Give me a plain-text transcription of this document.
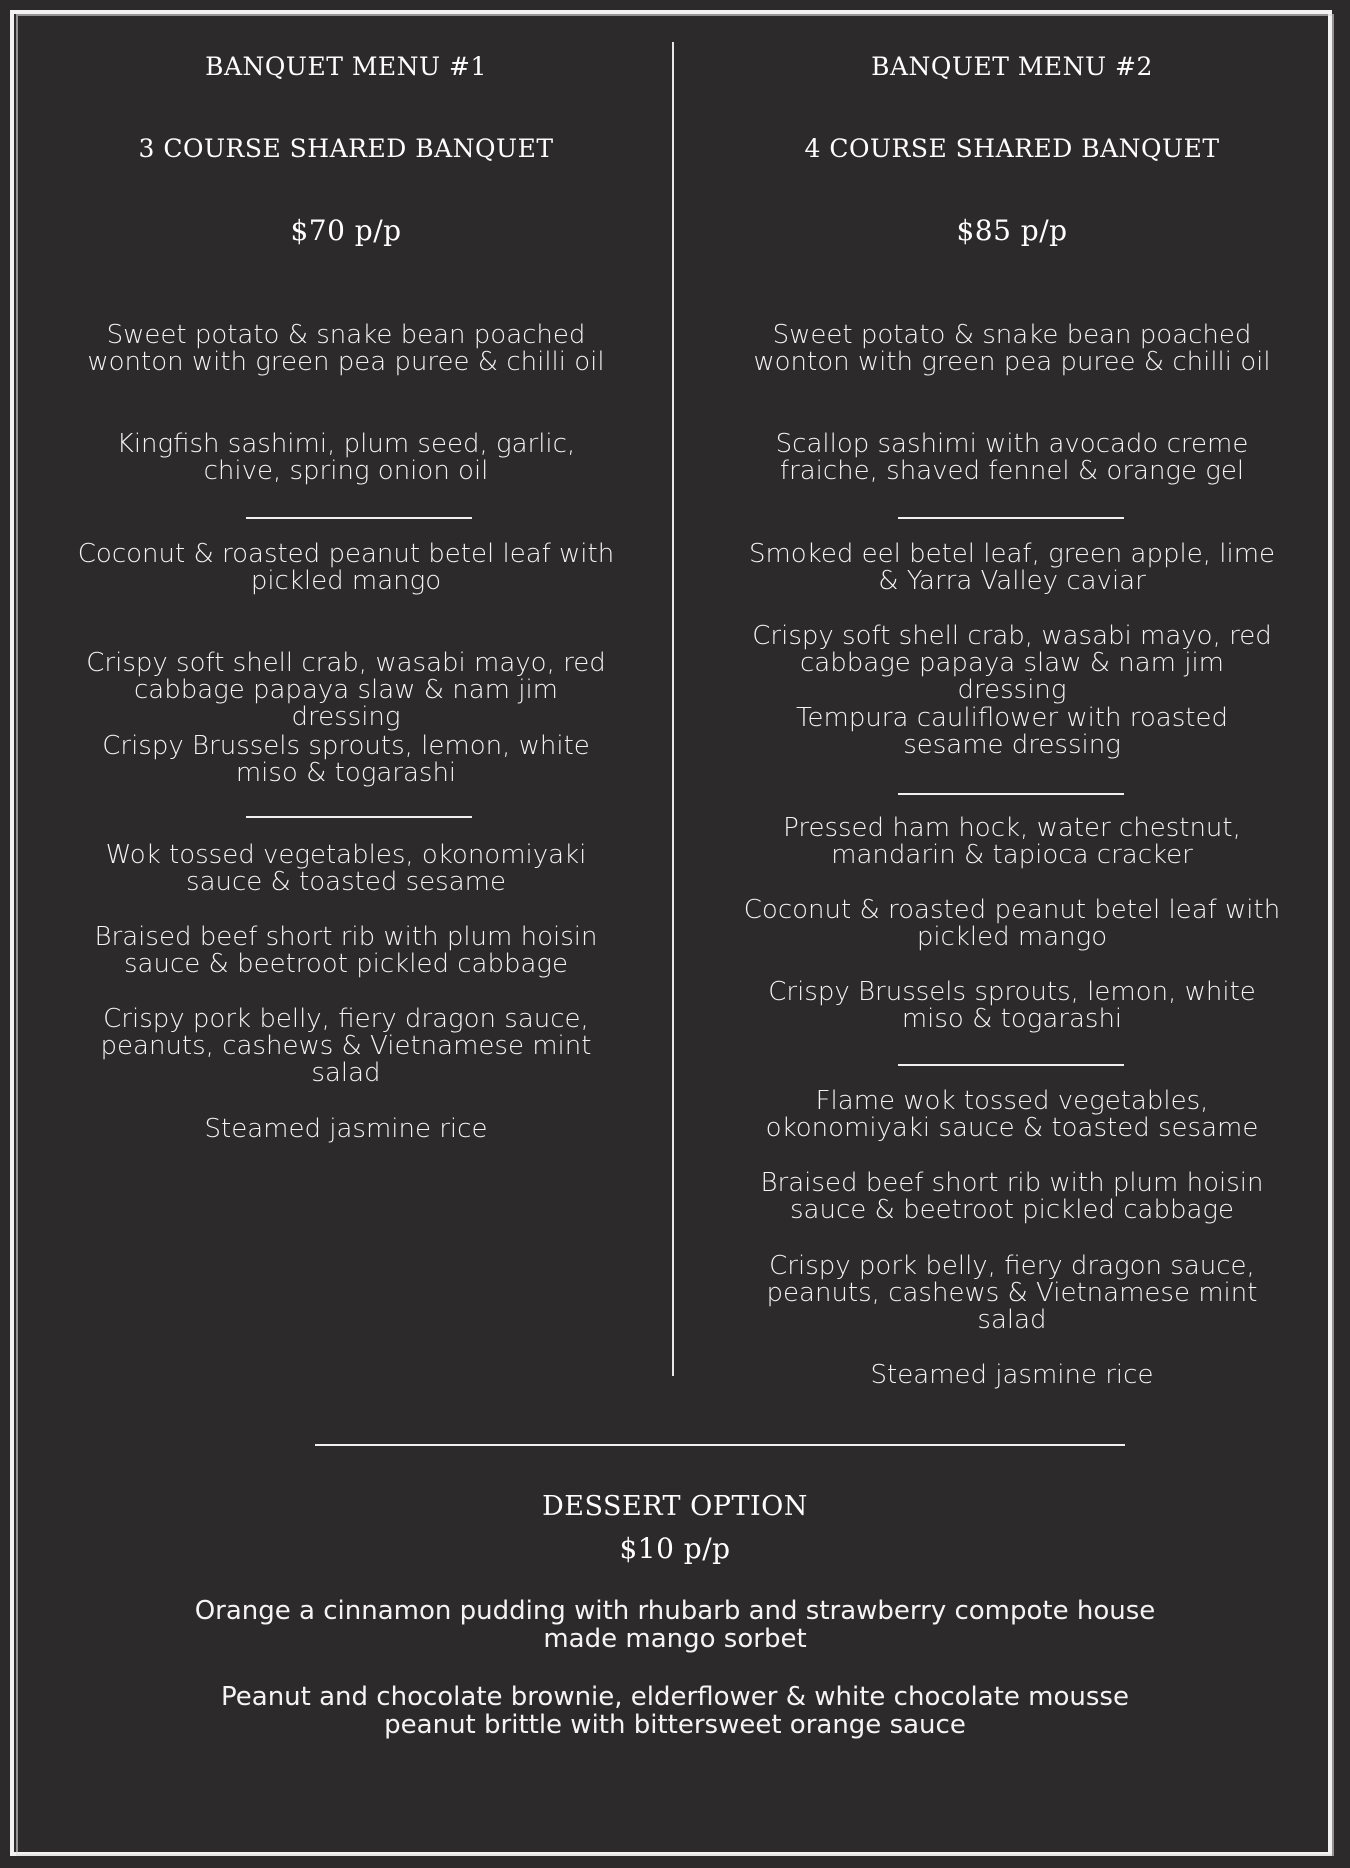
BANQUET MENU #1
3 COURSE SHARED BANQUET
$70 p/p
Sweet potato & snake bean poached wonton with green pea puree & chilli oil
Kingfish sashimi, plum seed, garlic, chive, spring onion oil
Coconut & roasted peanut betel leaf with pickled mango
Crispy soft shell crab, wasabi mayo, red cabbage papaya slaw & nam jim dressing
Crispy Brussels sprouts, lemon, white miso & togarashi
Wok tossed vegetables, okonomiyaki sauce & toasted sesame
Braised beef short rib with plum hoisin sauce & beetroot pickled cabbage
Crispy pork belly, fiery dragon sauce, peanuts, cashews & Vietnamese mint salad
Steamed jasmine rice
BANQUET MENU #2
4 COURSE SHARED BANQUET
$85 p/p
Sweet potato & snake bean poached wonton with green pea puree & chilli oil
Scallop sashimi with avocado creme fraiche, shaved fennel & orange gel
Smoked eel betel leaf, green apple, lime & Yarra Valley caviar
Crispy soft shell crab, wasabi mayo, red cabbage papaya slaw & nam jim dressing
Tempura cauliflower with roasted sesame dressing
Pressed ham hock, water chestnut, mandarin & tapioca cracker
Coconut & roasted peanut betel leaf with pickled mango
Crispy Brussels sprouts, lemon, white miso & togarashi
Flame wok tossed vegetables, okonomiyaki sauce & toasted sesame
Braised beef short rib with plum hoisin sauce & beetroot pickled cabbage
Crispy pork belly, fiery dragon sauce, peanuts, cashews & Vietnamese mint salad
Steamed jasmine rice
DESSERT OPTION
$10 p/p
Orange a cinnamon pudding with rhubarb and strawberry compote house made mango sorbet
Peanut and chocolate brownie, elderflower & white chocolate mousse peanut brittle with bittersweet orange sauce
